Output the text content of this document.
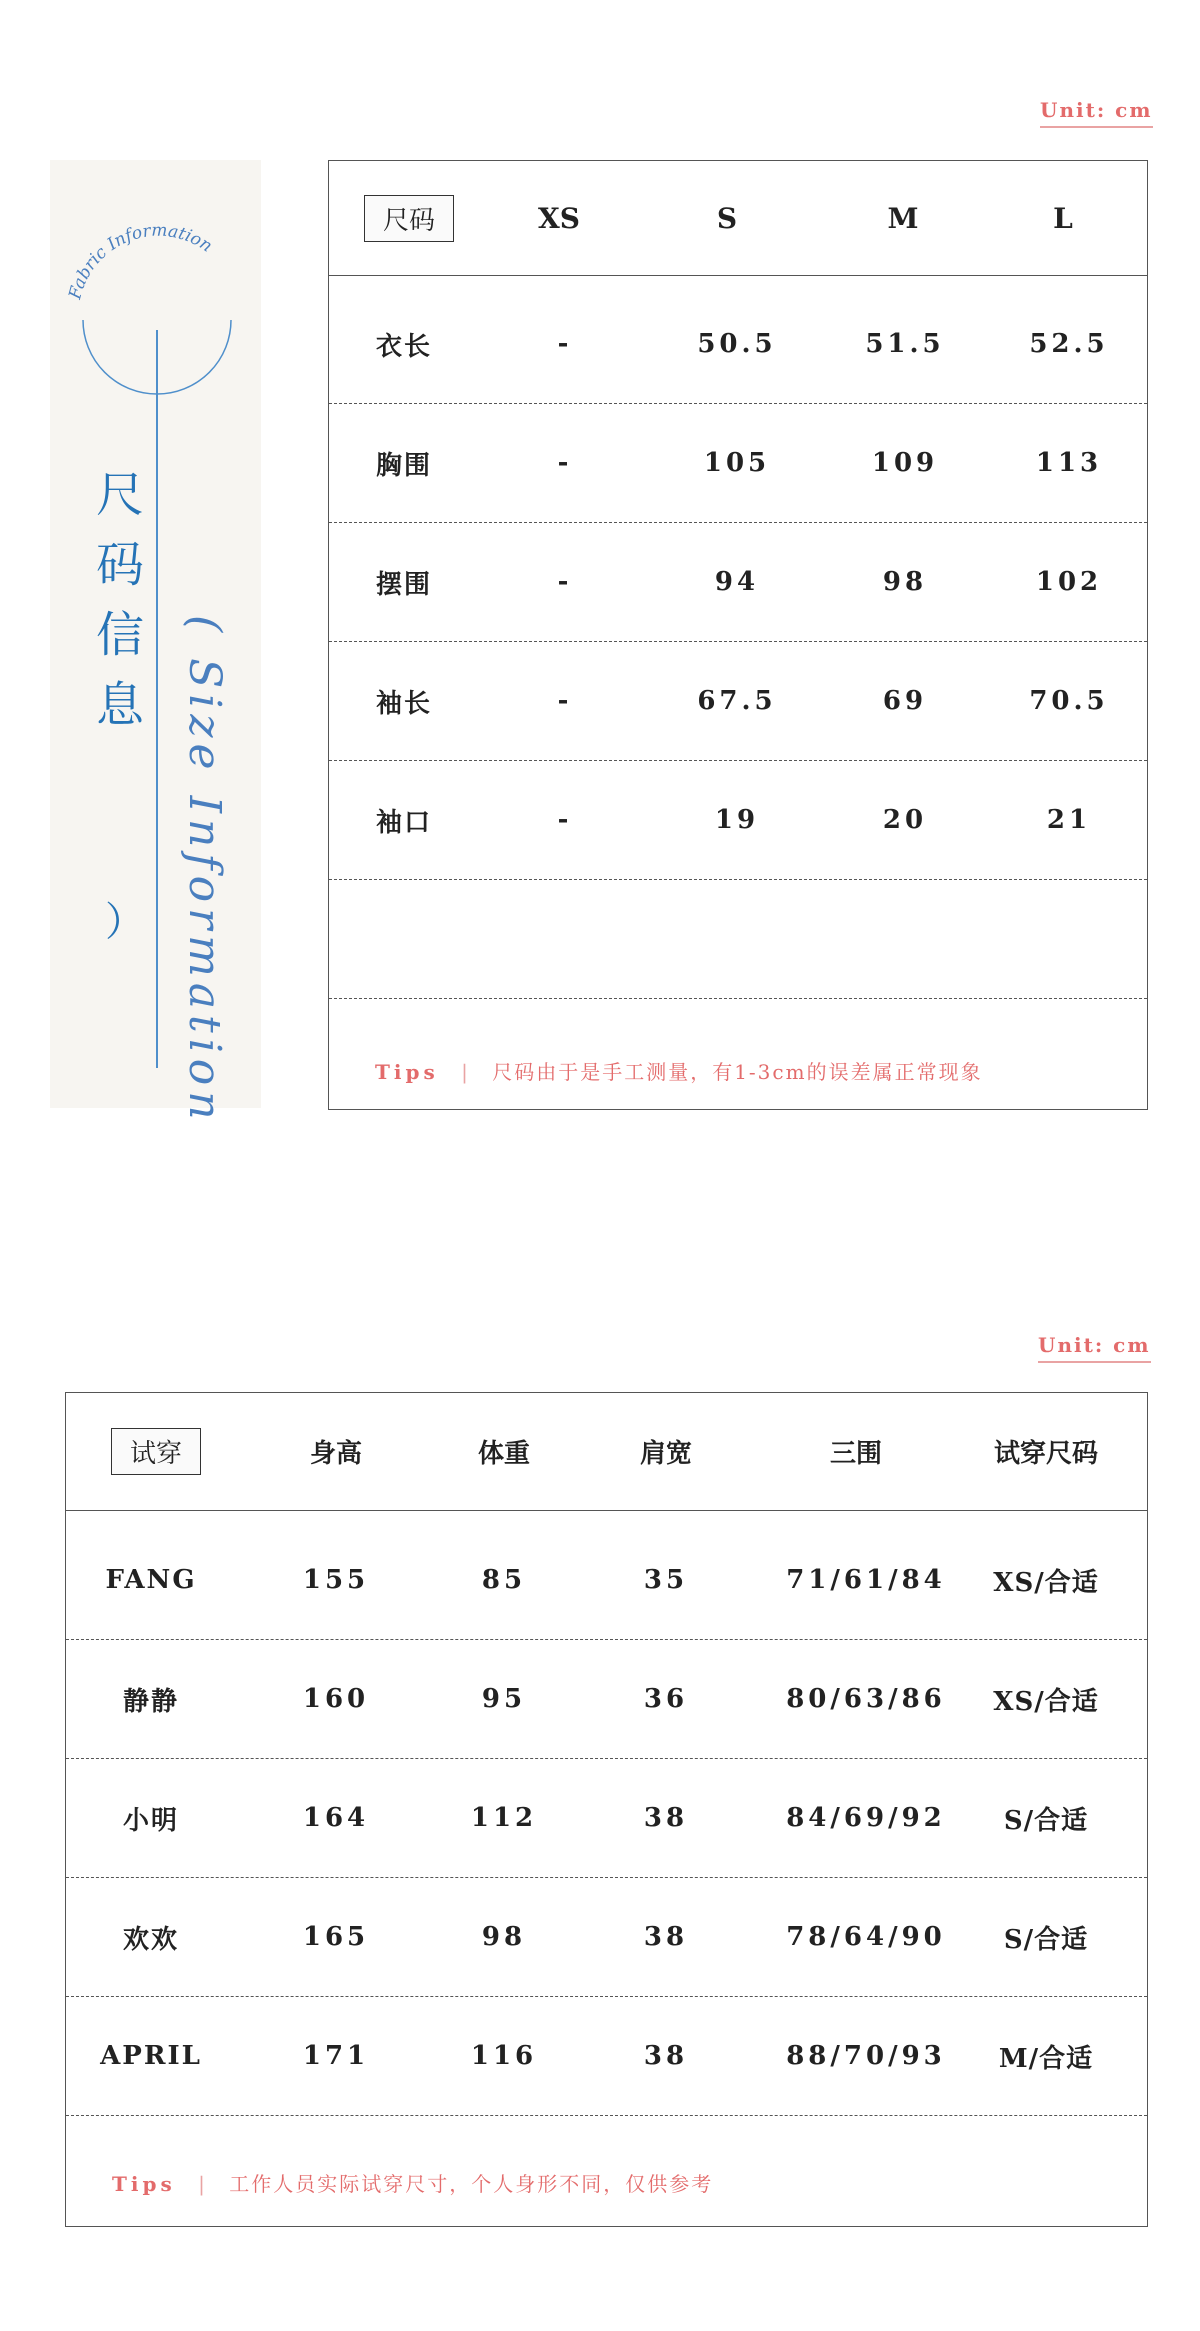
Unit: cm
Fabric Information
尺
码
信
息
） ( Size Information
尺码	XS	S	M	L
衣长	-	50.5	51.5	52.5
胸围	-	105	109	113
摆围	-	94	98	102
袖长	-	67.5	69	70.5
袖口	-	19	20	21
Tips | 尺码由于是手工测量，有1-3cm的误差属正常现象
Unit: cm
试穿	身高	体重	肩宽	三围	试穿尺码
FANG	155	85	35	71/61/84	XS/合适
静静	160	95	36	80/63/86	XS/合适
小明	164	112	38	84/69/92	S/合适
欢欢	165	98	38	78/64/90	S/合适
APRIL	171	116	38	88/70/93	M/合适
Tips | 工作人员实际试穿尺寸，个人身形不同，仅供参考
